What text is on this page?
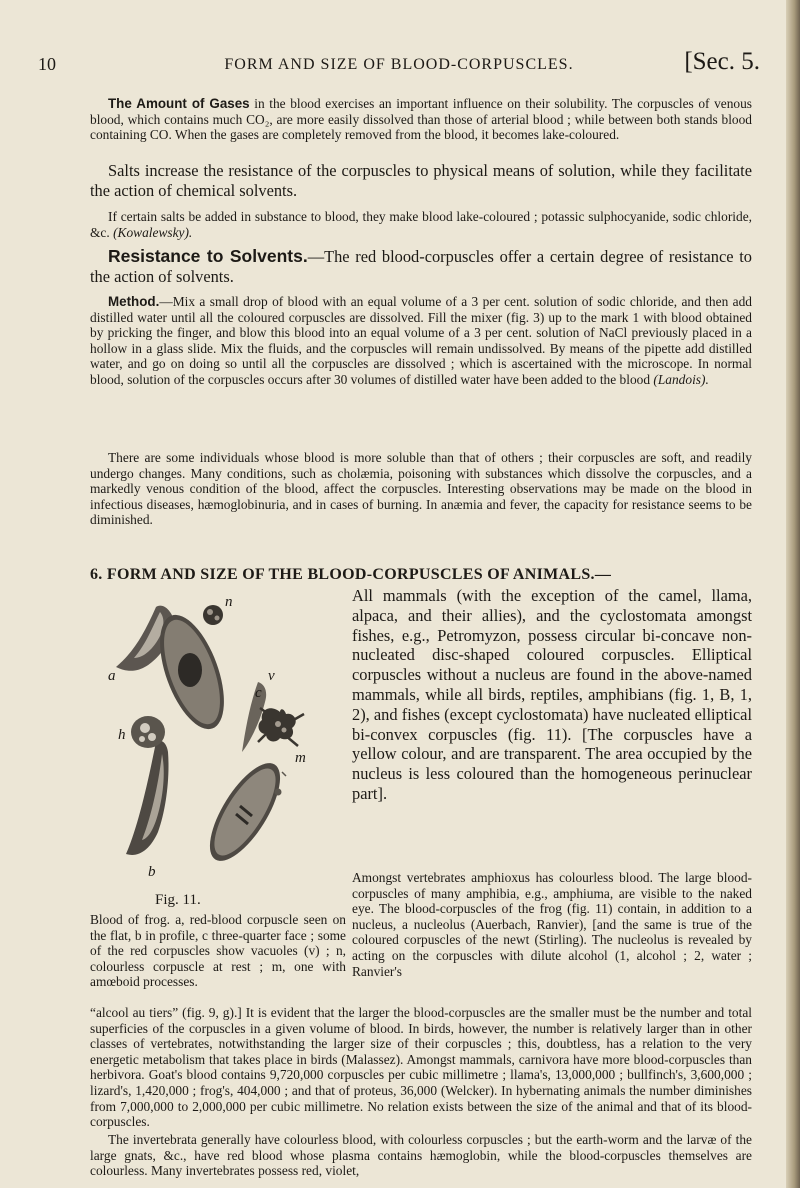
10	FORM AND SIZE OF BLOOD-CORPUSCLES.	[Sec. 5.
The Amount of Gases in the blood exercises an important influence on their solubility. The corpuscles of venous blood, which contains much CO₂, are more easily dissolved than those of arterial blood ; while between both stands blood containing CO. When the gases are completely removed from the blood, it becomes lake-coloured.
Salts increase the resistance of the corpuscles to physical means of solution, while they facilitate the action of chemical solvents.
If certain salts be added in substance to blood, they make blood lake-coloured ; potassic sulphocyanide, sodic chloride, &c. (Kowalewsky).
Resistance to Solvents.—The red blood-corpuscles offer a certain degree of resistance to the action of solvents.
Method.—Mix a small drop of blood with an equal volume of a 3 per cent. solution of sodic chloride, and then add distilled water until all the coloured corpuscles are dissolved. Fill the mixer (fig. 3) up to the mark 1 with blood obtained by pricking the finger, and blow this blood into an equal volume of a 3 per cent. solution of NaCl previously placed in a hollow in a glass slide. Mix the fluids, and the corpuscles will remain undissolved. By means of the pipette add distilled water, and go on doing so until all the corpuscles are dissolved ; which is ascertained with the microscope. In normal blood, solution of the corpuscles occurs after 30 volumes of distilled water have been added to the blood (Landois).
There are some individuals whose blood is more soluble than that of others ; their corpuscles are soft, and readily undergo changes. Many conditions, such as cholæmia, poisoning with substances which dissolve the corpuscles, and a markedly venous condition of the blood, affect the corpuscles. Interesting observations may be made on the blood in infectious diseases, hæmoglobinuria, and in cases of burning. In anæmia and fever, the capacity for resistance seems to be diminished.
6. FORM AND SIZE OF THE BLOOD-CORPUSCLES OF ANIMALS.—
All mammals (with the exception of the camel, llama, alpaca, and their allies), and the cyclostomata amongst fishes, e.g., Petromyzon, possess circular bi-concave non-nucleated disc-shaped coloured corpuscles. Elliptical corpuscles without a nucleus are found in the above-named mammals, while all birds, reptiles, amphibians (fig. 1, B, 1, 2), and fishes (except cyclostomata) have nucleated elliptical bi-convex corpuscles (fig. 11). [The corpuscles have a yellow colour, and are transparent. The area occupied by the nucleus is less coloured than the homogeneous perinuclear part].
Amongst vertebrates amphioxus has colourless blood. The large blood-corpuscles of many amphibia, e.g., amphiuma, are visible to the naked eye. The blood-corpuscles of the frog (fig. 11) contain, in addition to a nucleus, a nucleolus (Auerbach, Ranvier), [and the same is true of the coloured corpuscles of the newt (Stirling). The nucleolus is revealed by acting on the corpuscles with dilute alcohol (1, alcohol ; 2, water ; Ranvier's
a
n
b
h
v
c
m
Fig. 11.
Blood of frog. a, red-blood corpuscle seen on the flat, b in profile, c three-quarter face ; some of the red corpuscles show vacuoles (v) ; n, colourless corpuscle at rest ; m, one with amœboid processes.
“alcool au tiers” (fig. 9, g).] It is evident that the larger the blood-corpuscles are the smaller must be the number and total superficies of the corpuscles in a given volume of blood. In birds, however, the number is relatively larger than in other classes of vertebrates, notwithstanding the larger size of their corpuscles ; this, doubtless, has a relation to the very energetic metabolism that takes place in birds (Malassez). Amongst mammals, carnivora have more blood-corpuscles than herbivora. Goat's blood contains 9,720,000 corpuscles per cubic millimetre ; llama's, 13,000,000 ; bullfinch's, 3,600,000 ; lizard's, 1,420,000 ; frog's, 404,000 ; and that of proteus, 36,000 (Welcker). In hybernating animals the number diminishes from 7,000,000 to 2,000,000 per cubic millimetre. No relation exists between the size of the animal and that of its blood-corpuscles.
The invertebrata generally have colourless blood, with colourless corpuscles ; but the earth-worm and the larvæ of the large gnats, &c., have red blood whose plasma contains hæmoglobin, while the blood-corpuscles themselves are colourless. Many invertebrates possess red, violet,
